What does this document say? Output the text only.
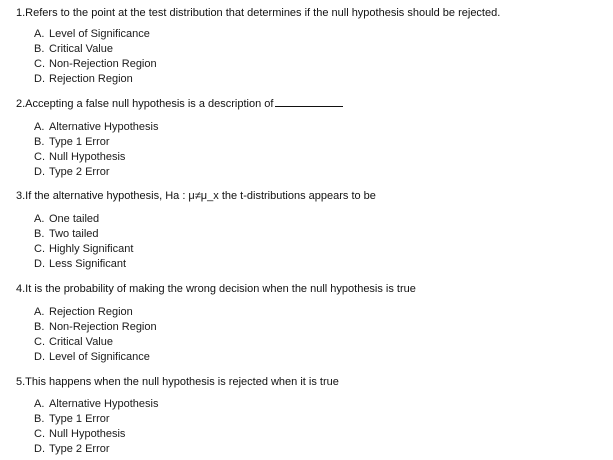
1.Refers to the point at the test distribution that determines if the null hypothesis should be rejected.
A. Level of Significance
B. Critical Value
C. Non-Rejection Region
D. Rejection Region
2.Accepting a false null hypothesis is a description of
A. Alternative Hypothesis
B. Type 1 Error
C. Null Hypothesis
D. Type 2 Error
3.If the alternative hypothesis, Ha : μ≠μ_x the t-distributions appears to be
A. One tailed
B. Two tailed
C. Highly Significant
D. Less Significant
4.It is the probability of making the wrong decision when the null hypothesis is true
A. Rejection Region
B. Non-Rejection Region
C. Critical Value
D. Level of Significance
5.This happens when the null hypothesis is rejected when it is true
A. Alternative Hypothesis
B. Type 1 Error
C. Null Hypothesis
D. Type 2 Error
